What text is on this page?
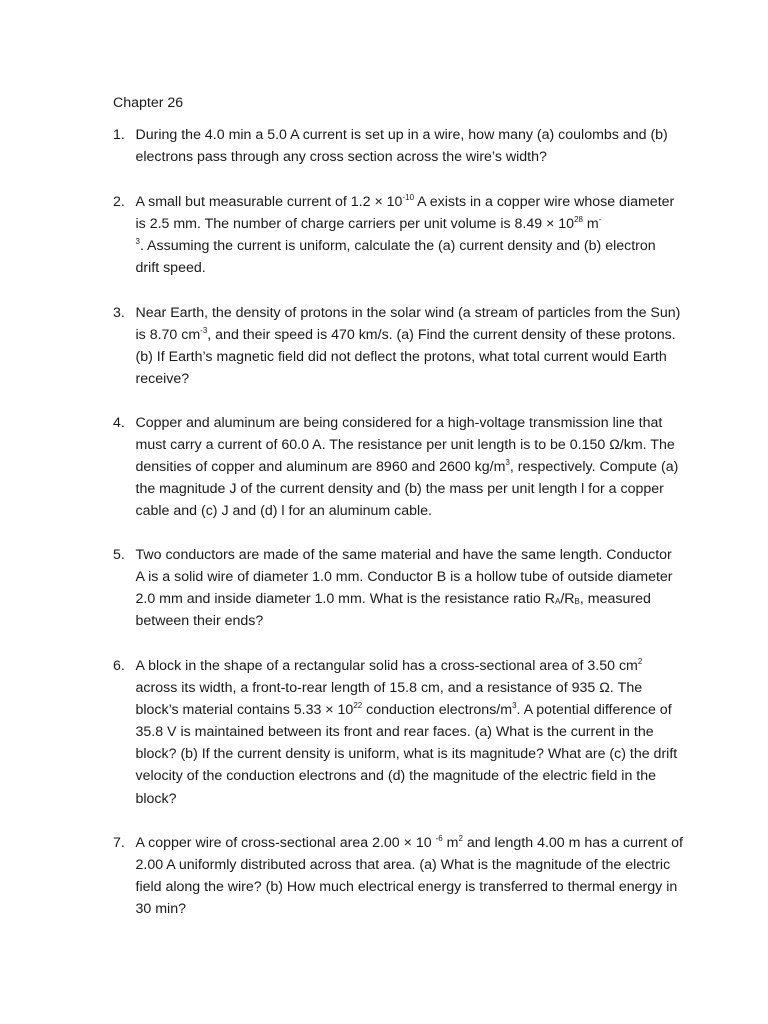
Chapter 26
1. During the 4.0 min a 5.0 A current is set up in a wire, how many (a) coulombs and (b) electrons pass through any cross section across the wire’s width?
2. A small but measurable current of $1.2 \times 10^{-10}$ A exists in a copper wire whose diameter is 2.5 mm. The number of charge carriers per unit volume is $8.49 \times 10^{28}$ m-
$^3$. Assuming the current is uniform, calculate the (a) current density and (b) electron drift speed.
3. Near Earth, the density of protons in the solar wind (a stream of particles from the Sun) is 8.70 $cm^{-3}$, and their speed is 470 km/s. (a) Find the current density of these protons. (b) If Earth’s magnetic field did not deflect the protons, what total current would Earth receive?
4. Copper and aluminum are being considered for a high-voltage transmission line that must carry a current of 60.0 A. The resistance per unit length is to be 0.150 Ω/km. The densities of copper and aluminum are 8960 and 2600 $kg/m^3$, respectively. Compute (a) the magnitude J of the current density and (b) the mass per unit length l for a copper cable and (c) J and (d) l for an aluminum cable.
5. Two conductors are made of the same material and have the same length. Conductor A is a solid wire of diameter 1.0 mm. Conductor B is a hollow tube of outside diameter 2.0 mm and inside diameter 1.0 mm. What is the resistance ratio $R_A/R_B$, measured between their ends?
6. A block in the shape of a rectangular solid has a cross-sectional area of 3.50 $cm^2$ across its width, a front-to-rear length of 15.8 cm, and a resistance of 935 Ω. The block’s material contains $5.33 \times 10^{22}$ conduction electrons/$m^3$. A potential difference of 35.8 V is maintained between its front and rear faces. (a) What is the current in the block? (b) If the current density is uniform, what is its magnitude? What are (c) the drift velocity of the conduction electrons and (d) the magnitude of the electric field in the block?
7. A copper wire of cross-sectional area 2.00 × 10 $^{-6}$ $m^2$ and length 4.00 m has a current of 2.00 A uniformly distributed across that area. (a) What is the magnitude of the electric field along the wire? (b) How much electrical energy is transferred to thermal energy in 30 min?
